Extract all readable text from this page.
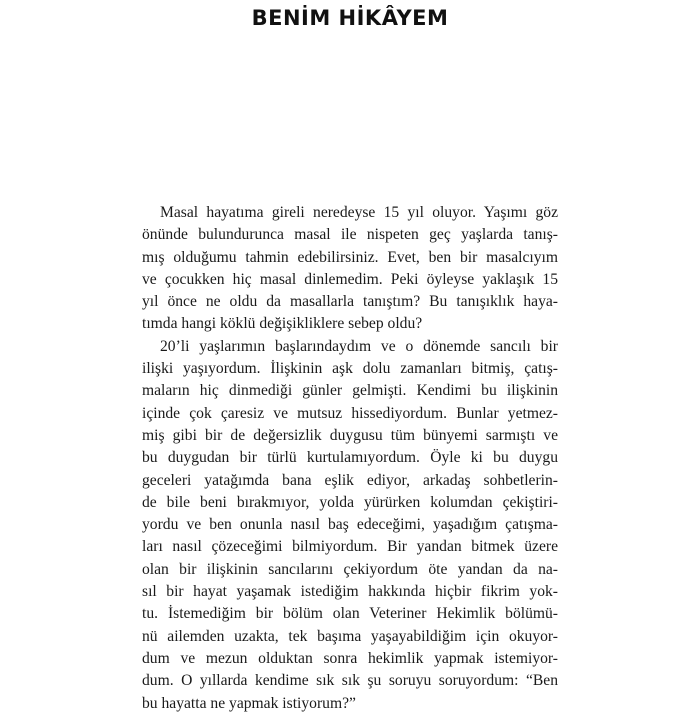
BENİM HİKÂYEM
Masal hayatıma gireli neredeyse 15 yıl oluyor. Yaşımı göz
önünde bulundurunca masal ile nispeten geç yaşlarda tanış-
mış olduğumu tahmin edebilirsiniz. Evet, ben bir masalcıyım
ve çocukken hiç masal dinlemedim. Peki öyleyse yaklaşık 15
yıl önce ne oldu da masallarla tanıştım? Bu tanışıklık haya-
tımda hangi köklü değişikliklere sebep oldu?
20’li yaşlarımın başlarındaydım ve o dönemde sancılı bir
ilişki yaşıyordum. İlişkinin aşk dolu zamanları bitmiş, çatış-
maların hiç dinmediği günler gelmişti. Kendimi bu ilişkinin
içinde çok çaresiz ve mutsuz hissediyordum. Bunlar yetmez-
miş gibi bir de değersizlik duygusu tüm bünyemi sarmıştı ve
bu duygudan bir türlü kurtulamıyordum. Öyle ki bu duygu
geceleri yatağımda bana eşlik ediyor, arkadaş sohbetlerin-
de bile beni bırakmıyor, yolda yürürken kolumdan çekiştiri-
yordu ve ben onunla nasıl baş edeceğimi, yaşadığım çatışma-
ları nasıl çözeceğimi bilmiyordum. Bir yandan bitmek üzere
olan bir ilişkinin sancılarını çekiyordum öte yandan da na-
sıl bir hayat yaşamak istediğim hakkında hiçbir fikrim yok-
tu. İstemediğim bir bölüm olan Veteriner Hekimlik bölümü-
nü ailemden uzakta, tek başıma yaşayabildiğim için okuyor-
dum ve mezun olduktan sonra hekimlik yapmak istemiyor-
dum. O yıllarda kendime sık sık şu soruyu soruyordum: “Ben
bu hayatta ne yapmak istiyorum?”
